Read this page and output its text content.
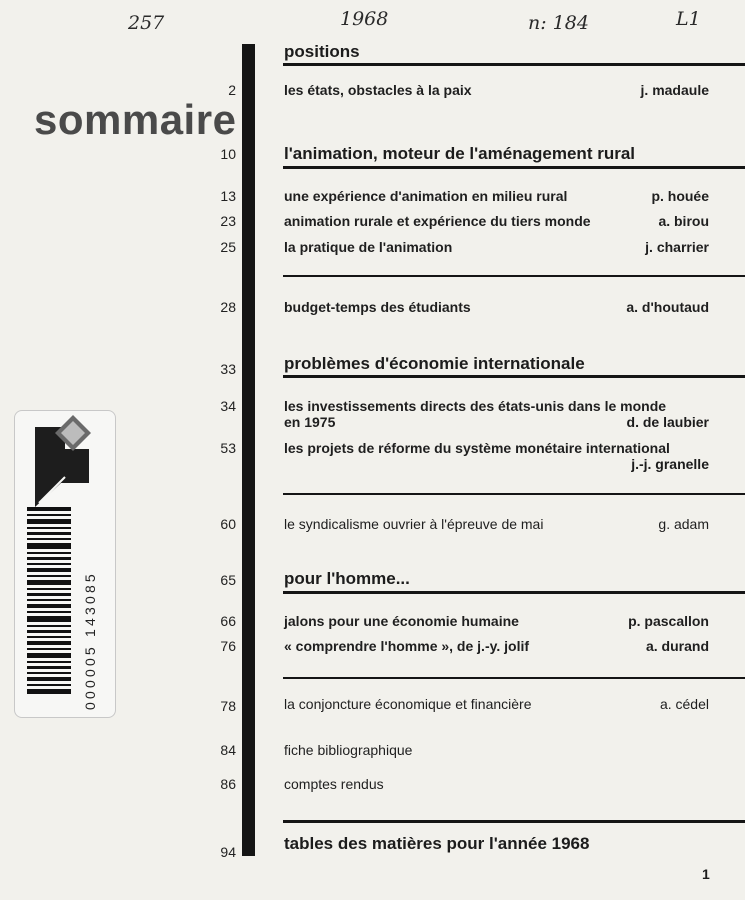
257	1968	n: 184	L1
sommaire
000005 143085
positions
2	les états, obstacles à la paix	j. madaule
10	l'animation, moteur de l'aménagement rural
13	une expérience d'animation en milieu rural	p. houée
23	animation rurale et expérience du tiers monde	a. birou
25	la pratique de l'animation	j. charrier
28	budget-temps des étudiants	a. d'houtaud
33	problèmes d'économie internationale
34	les investissements directs des états-unis dans le monde
en 1975	d. de laubier
53	les projets de réforme du système monétaire international
j.-j. granelle
60	le syndicalisme ouvrier à l'épreuve de mai	g. adam
65	pour l'homme...
66	jalons pour une économie humaine	p. pascallon
76	« comprendre l'homme », de j.-y. jolif	a. durand
78	la conjoncture économique et financière	a. cédel
84	fiche bibliographique
86	comptes rendus
94	tables des matières pour l'année 1968
1
